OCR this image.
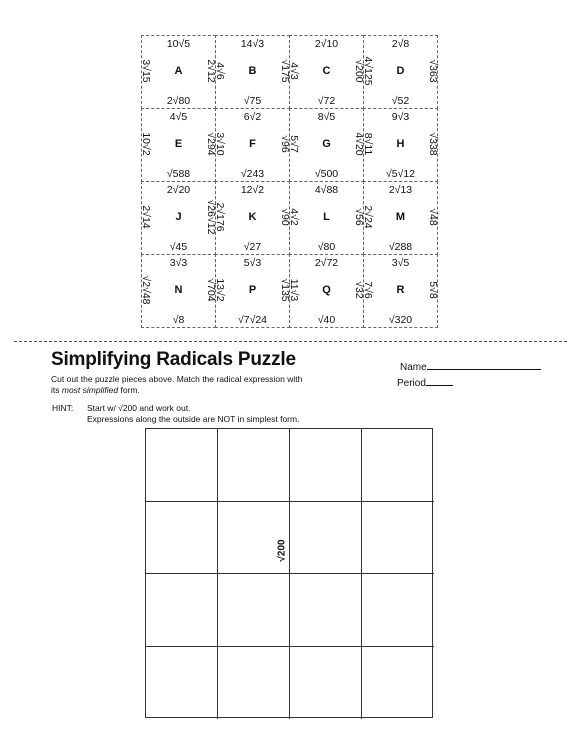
10√5
3√15	A	2√12
2√80
14√3
4√6	B	√175
√75
2√10
4√3	C	√200
√72
2√8
4√125	D	√363
√52
4√5
10√2	E	√294
√588
6√2
3√10	F	√96
√243
8√5
5√7	G	4√20
√500
9√3
8√11	H	√338
√5√12
2√20
2√14	J	√26√12
√45
12√2
2√176	K	√90
√27
4√88
4√2	L	√56
√80
2√13
2√24	M	√48
√288
3√3
√2√48	N	√704
√8
5√3
13√2	P	√135
√7√24
2√72
11√3	Q	√32
√40
3√5
7√6	R	5√8
√320
Simplifying Radicals Puzzle	Name
Period
Cut out the puzzle pieces above. Match the radical expression with
its most simplified form.
HINT: Start w/ √200 and work out.
Expressions along the outside are NOT in simplest form.
√200
